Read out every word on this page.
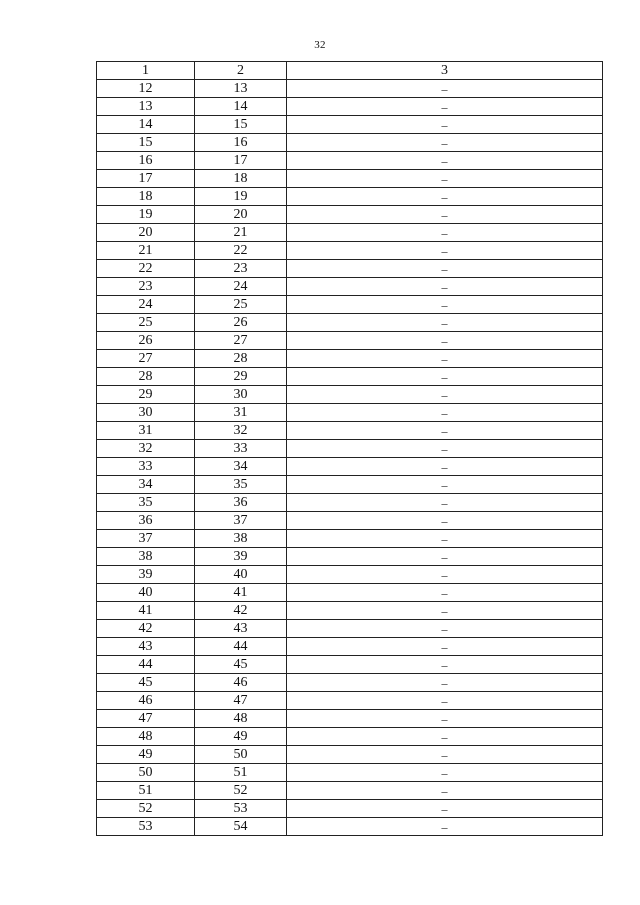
32
1	2	3
12	13	–
13	14	–
14	15	–
15	16	–
16	17	–
17	18	–
18	19	–
19	20	–
20	21	–
21	22	–
22	23	–
23	24	–
24	25	–
25	26	–
26	27	–
27	28	–
28	29	–
29	30	–
30	31	–
31	32	–
32	33	–
33	34	–
34	35	–
35	36	–
36	37	–
37	38	–
38	39	–
39	40	–
40	41	–
41	42	–
42	43	–
43	44	–
44	45	–
45	46	–
46	47	–
47	48	–
48	49	–
49	50	–
50	51	–
51	52	–
52	53	–
53	54	–
